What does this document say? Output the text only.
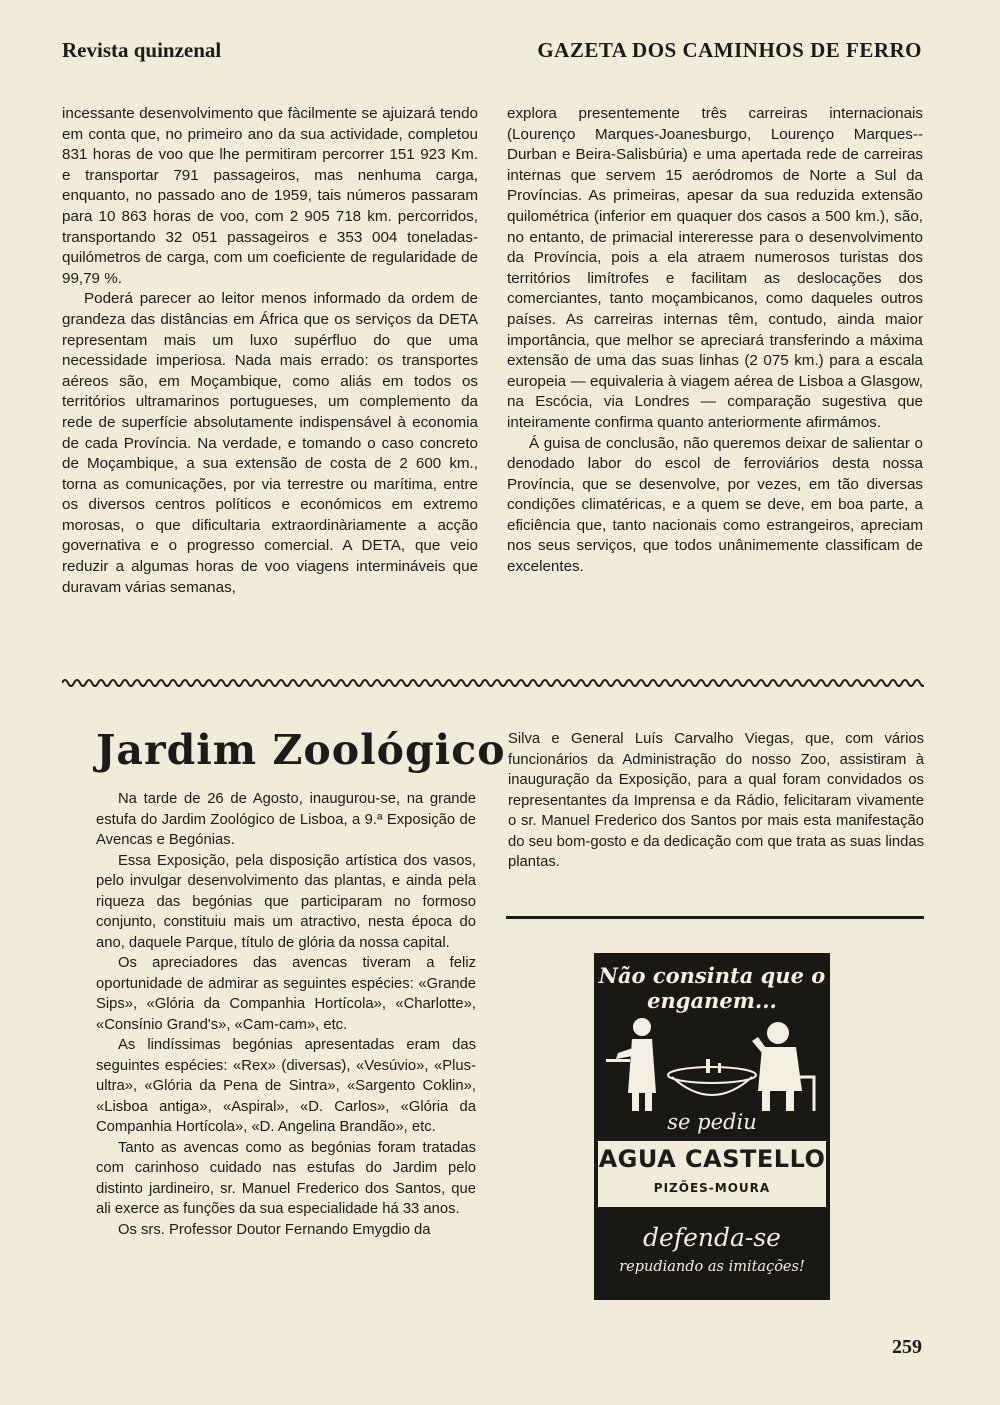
Revista quinzenal	GAZETA DOS CAMINHOS DE FERRO

incessante desenvolvimento que fàcilmente se ajuizará tendo em conta que, no primeiro ano da sua actividade, completou 831 horas de voo que lhe permitiram percorrer 151 923 Km. e transportar 791 passageiros, mas nenhuma carga, enquanto, no passado ano de 1959, tais números passaram para 10 863 horas de voo, com 2 905 718 km. percorridos, transportando 32 051 passageiros e 353 004 toneladas-quilómetros de carga, com um coeficiente de regularidade de 99,79 %.

Poderá parecer ao leitor menos informado da ordem de grandeza das distâncias em África que os serviços da DETA representam mais um luxo supérfluo do que uma necessidade imperiosa. Nada mais errado: os transportes aéreos são, em Moçambique, como aliás em todos os territórios ultramarinos portugueses, um complemento da rede de superfície absolutamente indispensável à economia de cada Província. Na verdade, e tomando o caso concreto de Moçambique, a sua extensão de costa de 2 600 km., torna as comunicações, por via terrestre ou marítima, entre os diversos centros políticos e económicos em extremo morosas, o que dificultaria extraordinàriamente a acção governativa e o progresso comercial. A DETA, que veio reduzir a algumas horas de voo viagens intermináveis que duravam várias semanas,

explora presentemente três carreiras internacionais (Lourenço Marques-Joanesburgo, Lourenço Marques--Durban e Beira-Salisbúria) e uma apertada rede de carreiras internas que servem 15 aeródromos de Norte a Sul da Províncias. As primeiras, apesar da sua reduzida extensão quilométrica (inferior em quaquer dos casos a 500 km.), são, no entanto, de primacial intereresse para o desenvolvimento da Província, pois a ela atraem numerosos turistas dos territórios limítrofes e facilitam as deslocações dos comerciantes, tanto moçambicanos, como daqueles outros países. As carreiras internas têm, contudo, ainda maior importância, que melhor se apreciará transferindo a máxima extensão de uma das suas linhas (2 075 km.) para a escala europeia — equivaleria à viagem aérea de Lisboa a Glasgow, na Escócia, via Londres — comparação sugestiva que inteiramente confirma quanto anteriormente afirmámos.

Á guisa de conclusão, não queremos deixar de salientar o denodado labor do escol de ferroviários desta nossa Província, que se desenvolve, por vezes, em tão diversas condições climatéricas, e a quem se deve, em boa parte, a eficiência que, tanto nacionais como estrangeiros, apreciam nos seus serviços, que todos unânimemente classificam de excelentes.

Jardim Zoológico

Na tarde de 26 de Agosto, inaugurou-se, na grande estufa do Jardim Zoológico de Lisboa, a 9.ª Exposição de Avencas e Begónias.

Essa Exposição, pela disposição artística dos vasos, pelo invulgar desenvolvimento das plantas, e ainda pela riqueza das begónias que participaram no formoso conjunto, constituiu mais um atractivo, nesta época do ano, daquele Parque, título de glória da nossa capital.

Os apreciadores das avencas tiveram a feliz oportunidade de admirar as seguintes espécies: «Grande Sips», «Glória da Companhia Hortícola», «Charlotte», «Consínio Grand's», «Cam-cam», etc.

As lindíssimas begónias apresentadas eram das seguintes espécies: «Rex» (diversas), «Vesúvio», «Plus-ultra», «Glória da Pena de Sintra», «Sargento Coklin», «Lisboa antiga», «Aspiral», «D. Carlos», «Glória da Companhia Hortícola», «D. Angelina Brandão», etc.

Tanto as avencas como as begónias foram tratadas com carinhoso cuidado nas estufas do Jardim pelo distinto jardineiro, sr. Manuel Frederico dos Santos, que ali exerce as funções da sua especialidade há 33 anos.

Os srs. Professor Doutor Fernando Emygdio da

Silva e General Luís Carvalho Viegas, que, com vários funcionários da Administração do nosso Zoo, assistiram à inauguração da Exposição, para a qual foram convidados os representantes da Imprensa e da Rádio, felicitaram vivamente o sr. Manuel Frederico dos Santos por mais esta manifestação do seu bom-gosto e da dedicação com que trata as suas lindas plantas.

Não consinta que o enganem...
se pediu
AGUA CASTELLO
PIZÕES-MOURA
defenda-se
repudiando as imitações!
259
